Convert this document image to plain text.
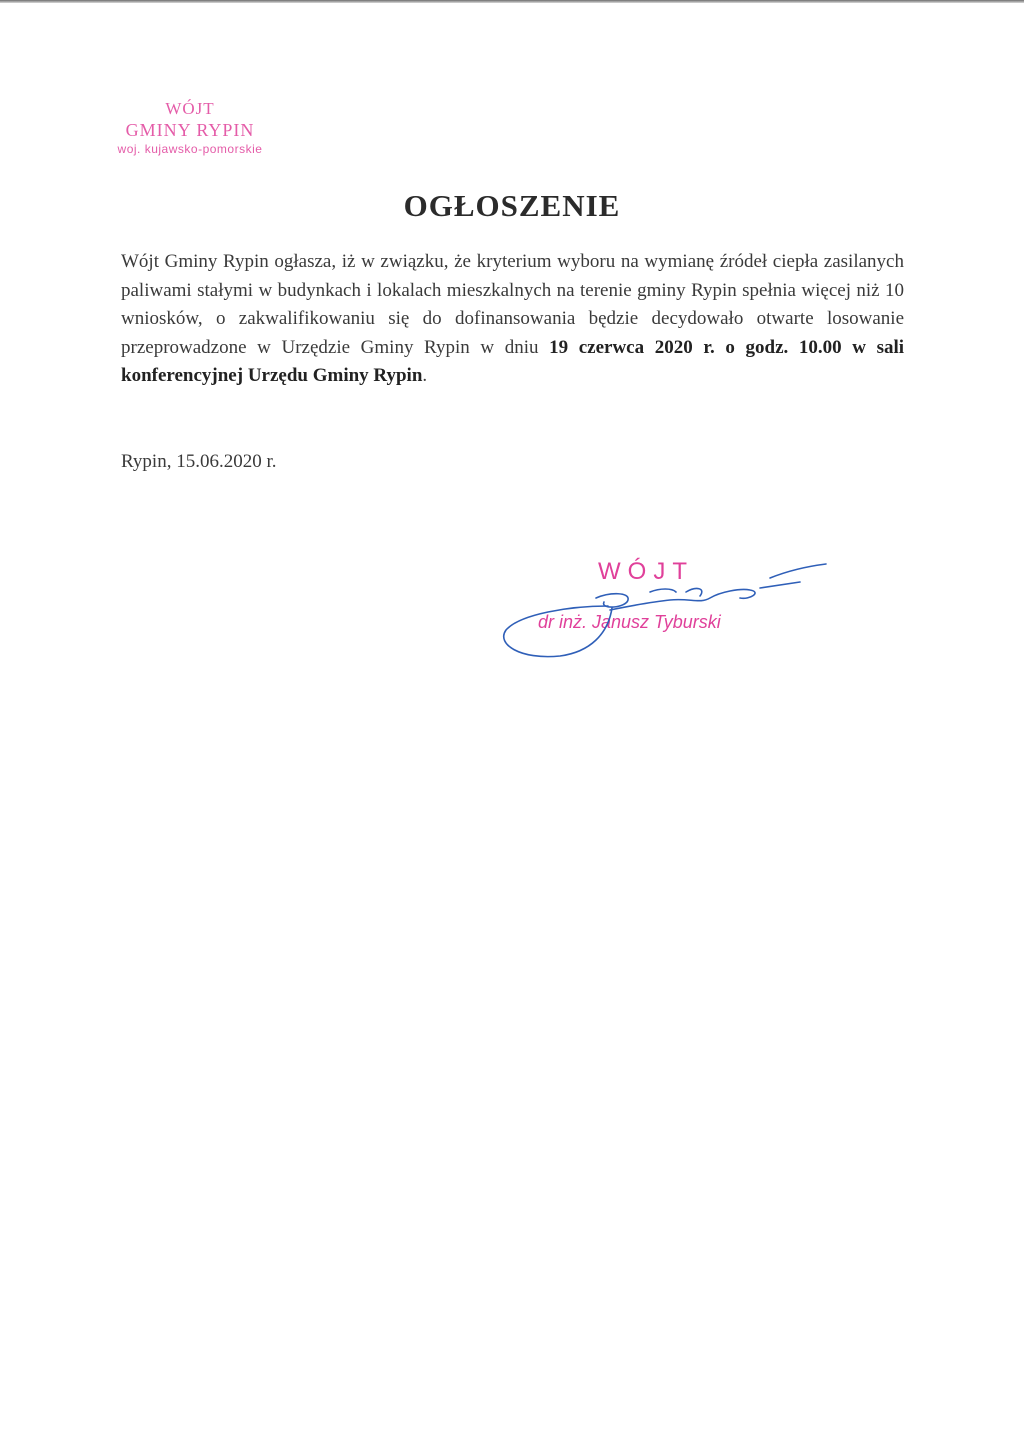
WÓJT
GMINY RYPIN
woj. kujawsko-pomorskie
OGŁOSZENIE
Wójt Gminy Rypin ogłasza, iż w związku, że kryterium wyboru na wymianę źródeł ciepła zasilanych paliwami stałymi w budynkach i lokalach mieszkalnych na terenie gminy Rypin spełnia więcej niż 10 wniosków, o zakwalifikowaniu się do dofinansowania będzie decydowało otwarte losowanie przeprowadzone w Urzędzie Gminy Rypin w dniu 19 czerwca 2020 r. o godz. 10.00 w sali konferencyjnej Urzędu Gminy Rypin.
Rypin, 15.06.2020 r.
WÓJT
dr inż. Janusz Tyburski
